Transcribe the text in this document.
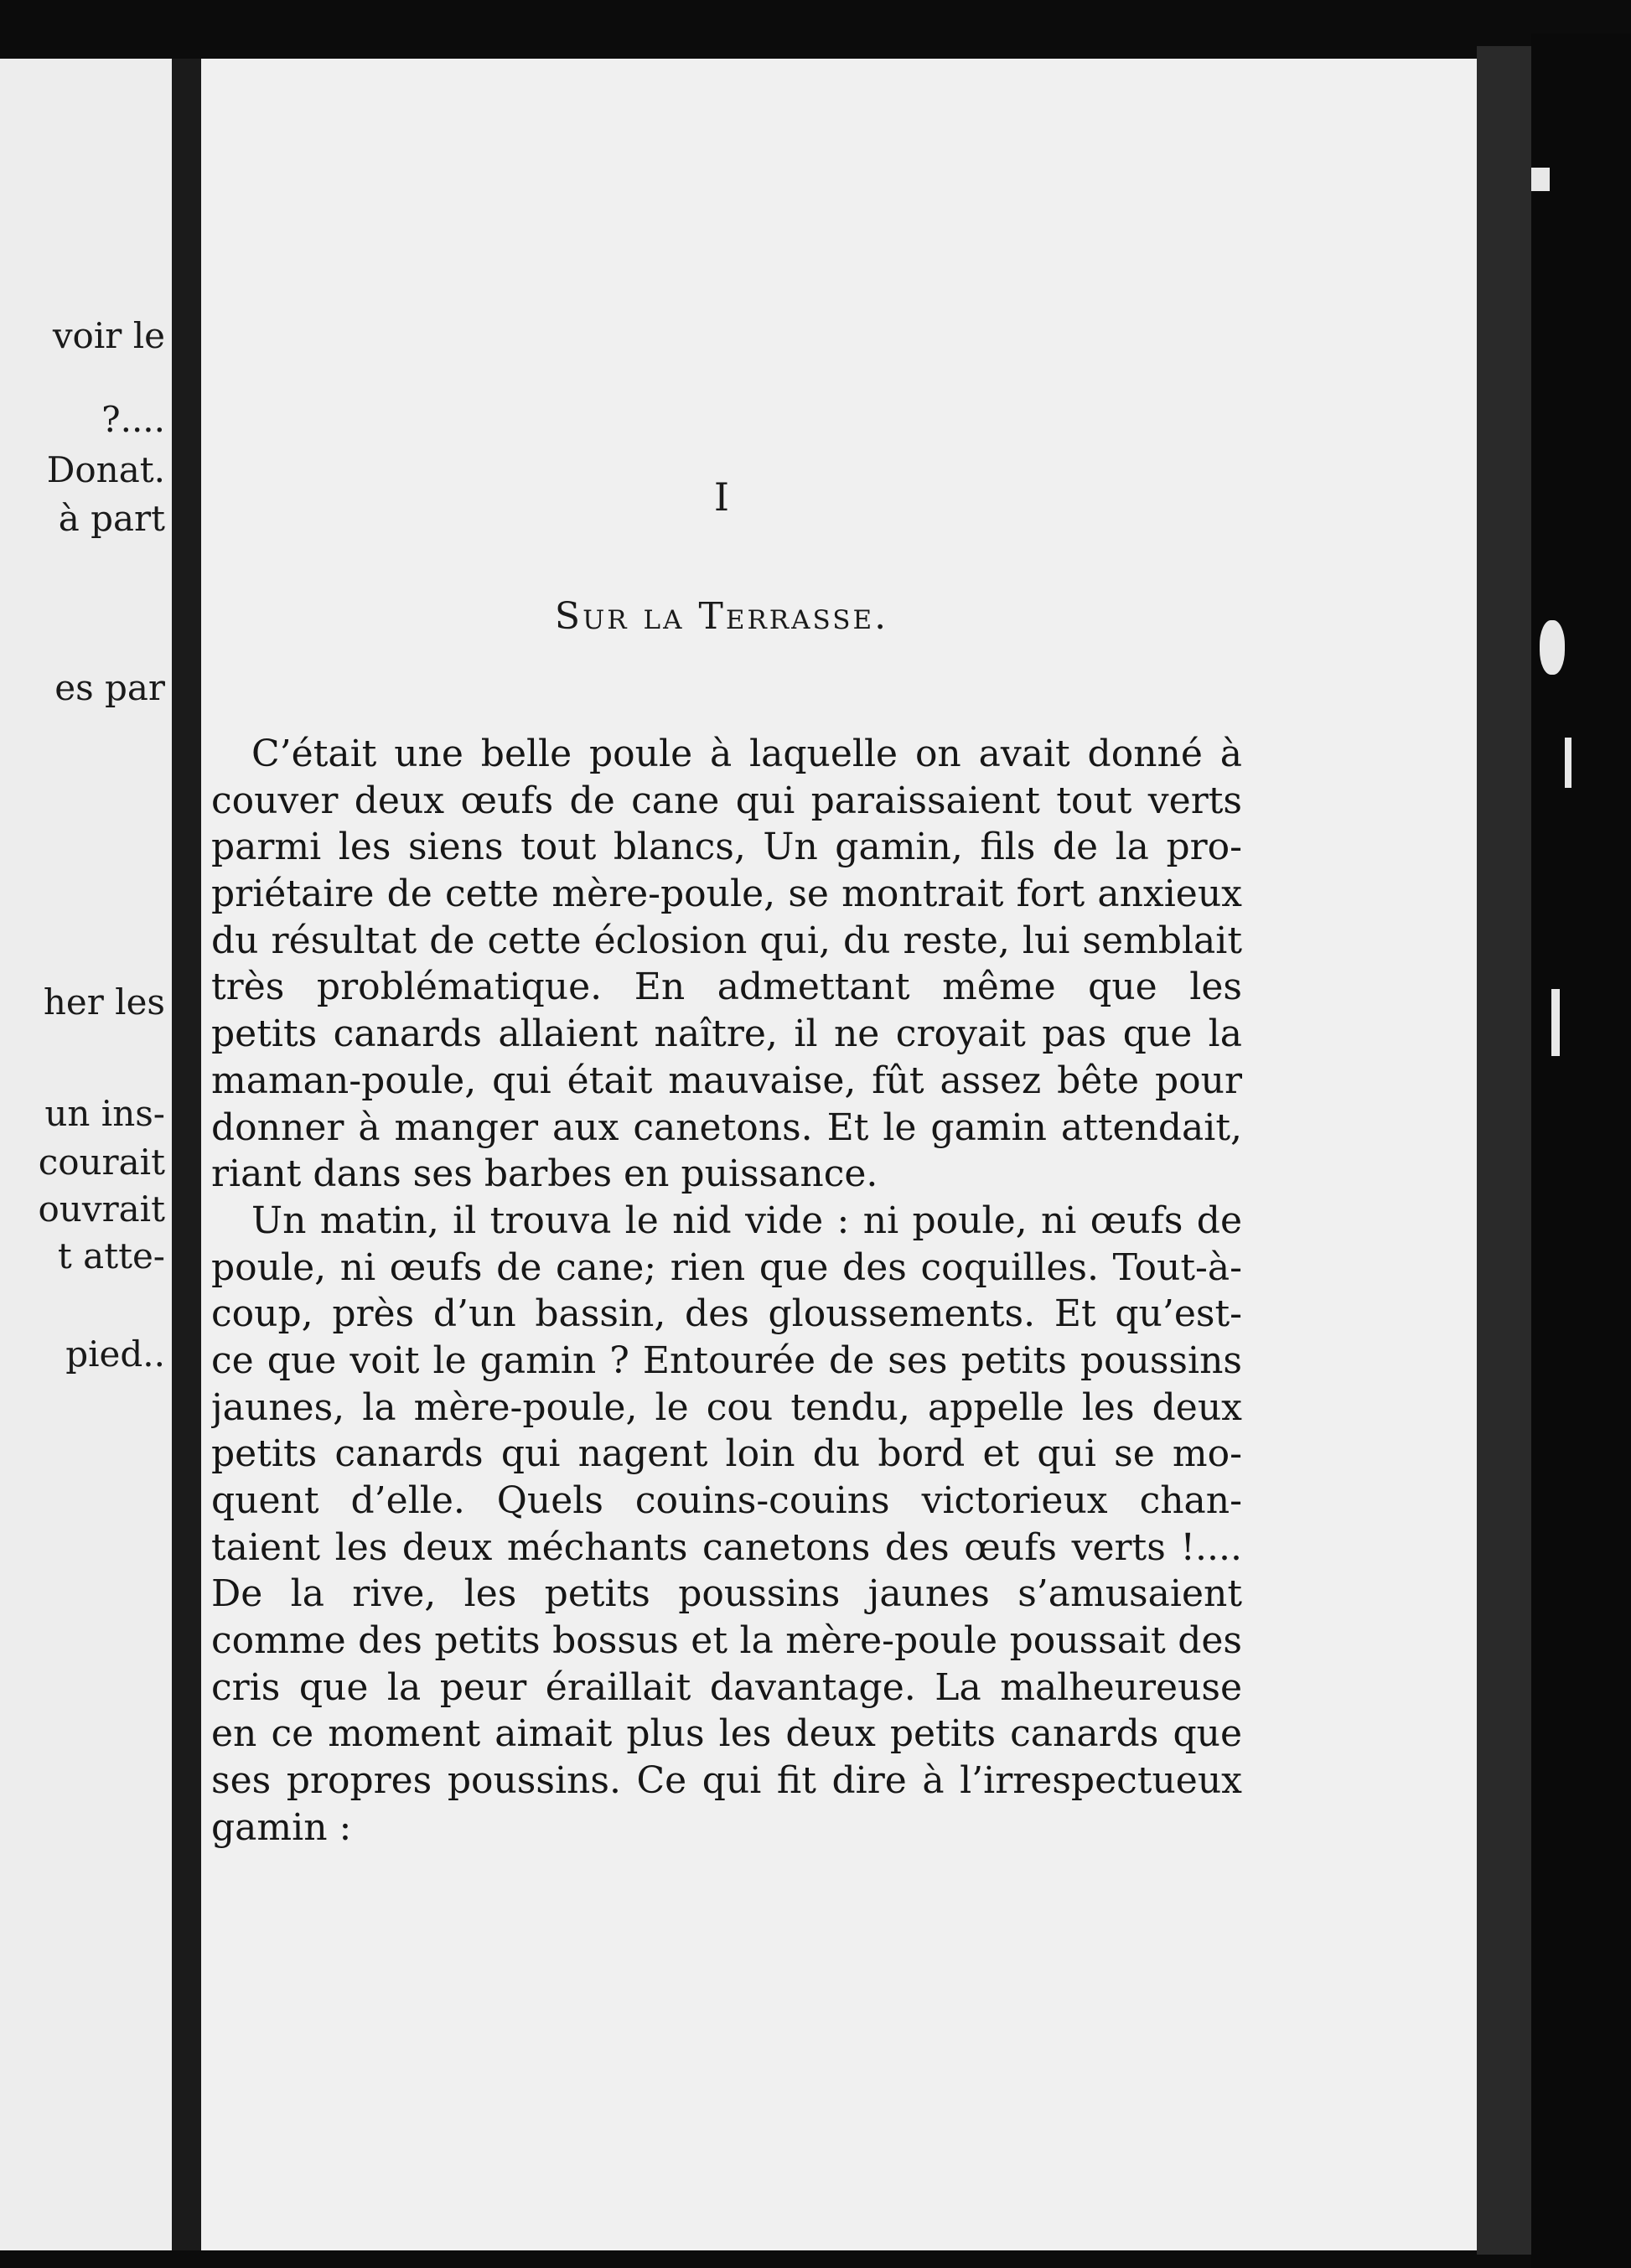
voir le
?....
Donat.
à part
es par
her les
un ins-
courait
ouvrait
t atte-
pied..
I
Sur la Terrasse.
C’était une belle poule à laquelle on avait donné à
couver deux œufs de cane qui paraissaient tout verts
parmi les siens tout blancs, Un gamin, fils de la pro-
priétaire de cette mère-poule, se montrait fort anxieux
du résultat de cette éclosion qui, du reste, lui semblait
très problématique. En admettant même que les
petits canards allaient naître, il ne croyait pas que la
maman-poule, qui était mauvaise, fût assez bête pour
donner à manger aux canetons. Et le gamin attendait,
riant dans ses barbes en puissance.
Un matin, il trouva le nid vide : ni poule, ni œufs de
poule, ni œufs de cane; rien que des coquilles. Tout-à-
coup, près d’un bassin, des gloussements. Et qu’est-
ce que voit le gamin ? Entourée de ses petits poussins
jaunes, la mère-poule, le cou tendu, appelle les deux
petits canards qui nagent loin du bord et qui se mo-
quent d’elle. Quels couins-couins victorieux chan-
taient les deux méchants canetons des œufs verts !....
De la rive, les petits poussins jaunes s’amusaient
comme des petits bossus et la mère-poule poussait des
cris que la peur éraillait davantage. La malheureuse
en ce moment aimait plus les deux petits canards que
ses propres poussins. Ce qui fit dire à l’irrespectueux
gamin :
